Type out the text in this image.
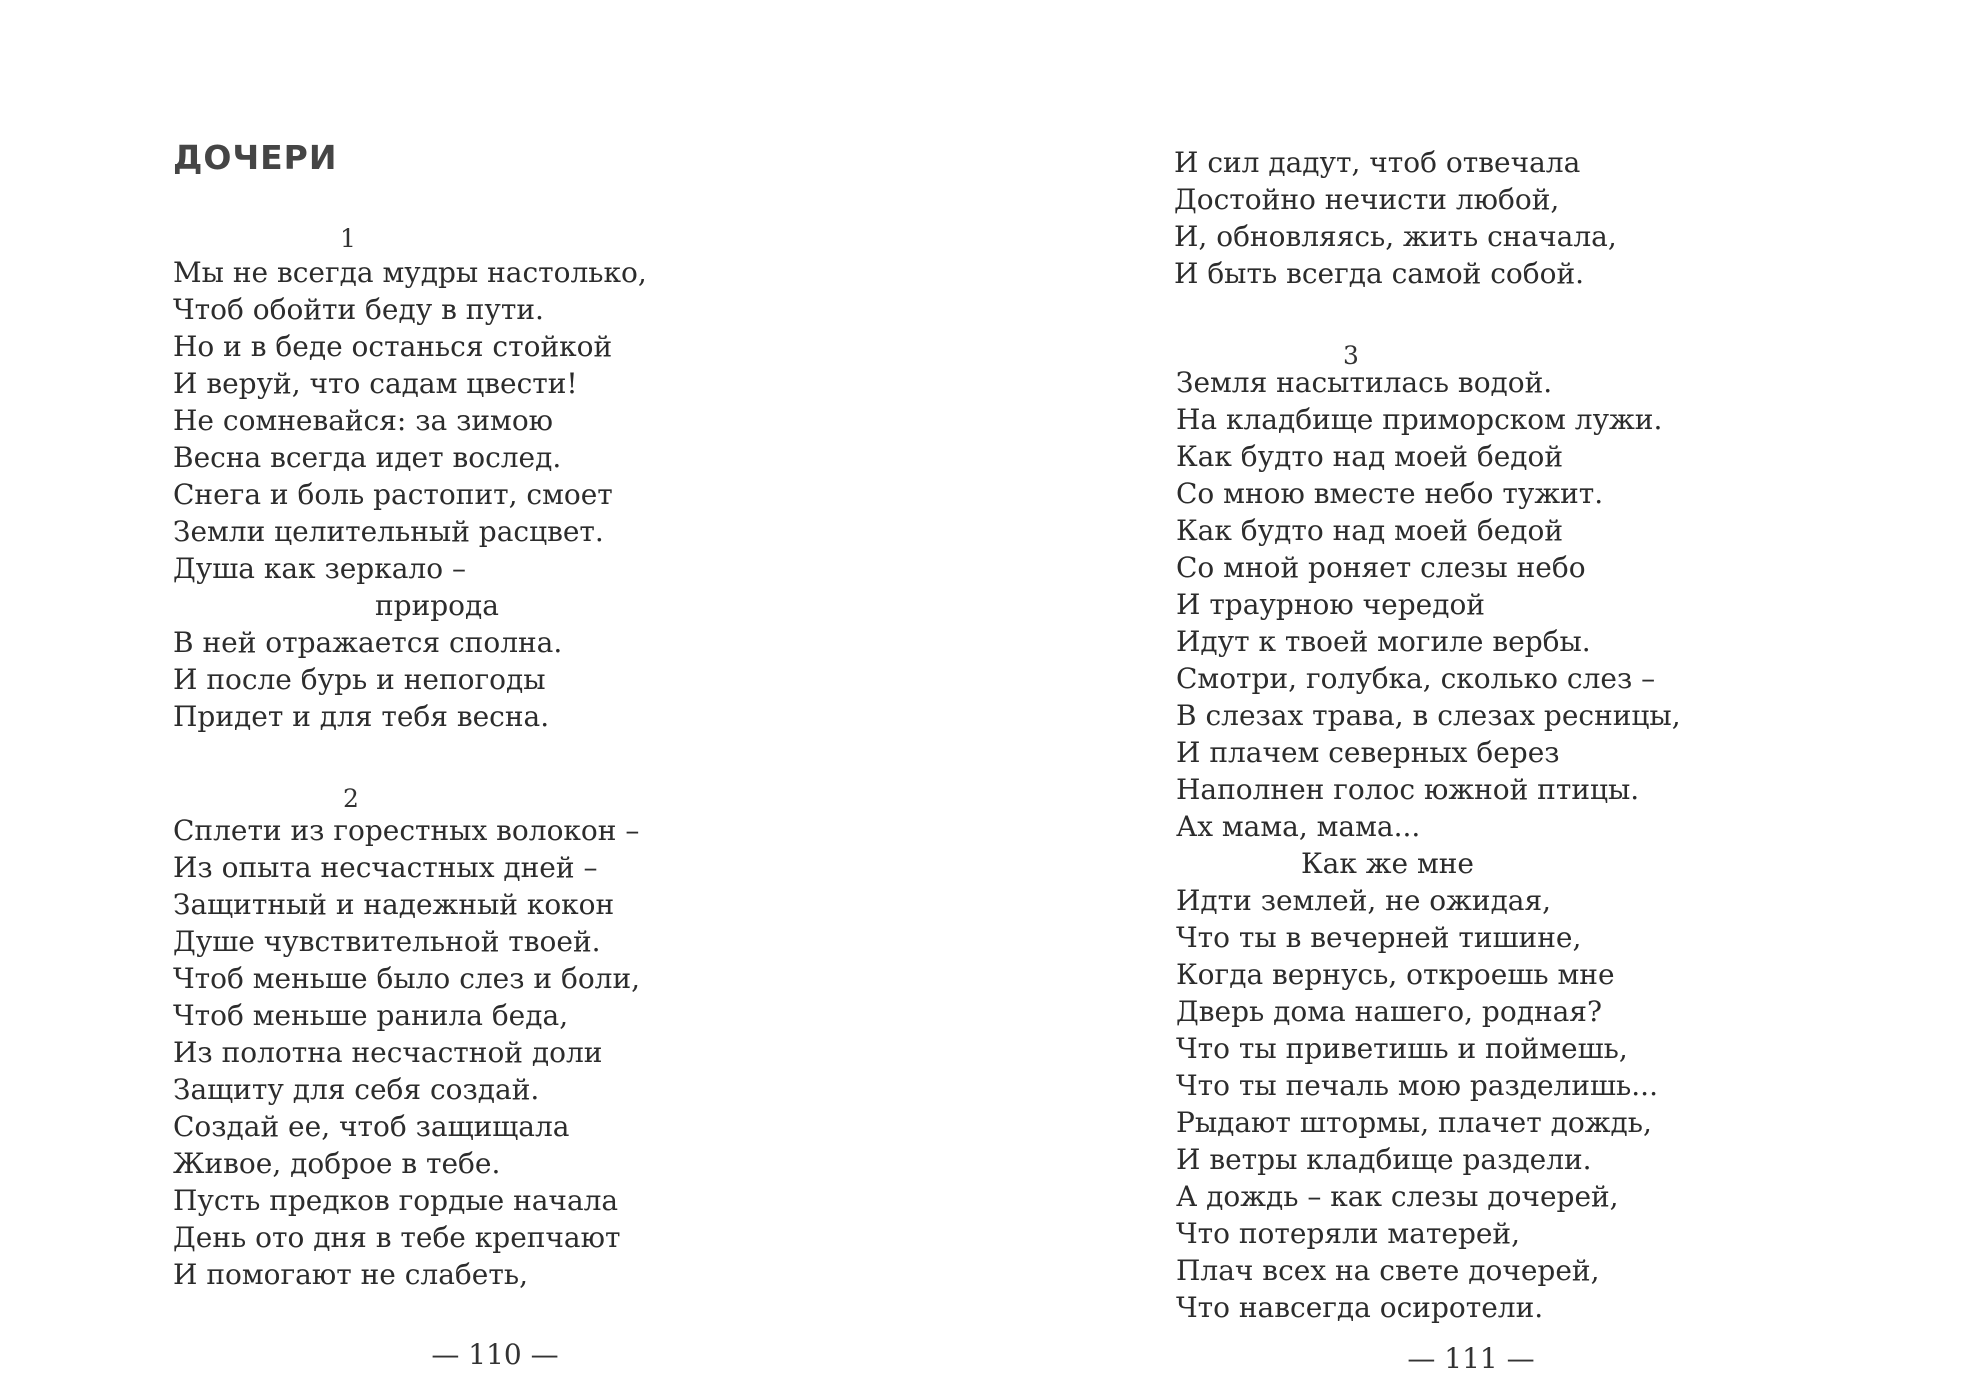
ДОЧЕРИ
1
Мы не всегда мудры настолько,
Чтоб обойти беду в пути.
Но и в беде останься стойкой
И веруй, что садам цвести!
Не сомневайся: за зимою
Весна всегда идет вослед.
Снега и боль растопит, смоет
Земли целительный расцвет.
Душа как зеркало –
природа
В ней отражается сполна.
И после бурь и непогоды
Придет и для тебя весна.
2
Сплети из горестных волокон –
Из опыта несчастных дней –
Защитный и надежный кокон
Душе чувствительной твоей.
Чтоб меньше было слез и боли,
Чтоб меньше ранила беда,
Из полотна несчастной доли
Защиту для себя создай.
Создай ее, чтоб защищала
Живое, доброе в тебе.
Пусть предков гордые начала
День ото дня в тебе крепчают
И помогают не слабеть,
— 110 —
И сил дадут, чтоб отвечала
Достойно нечисти любой,
И, обновляясь, жить сначала,
И быть всегда самой собой.
3
Земля насытилась водой.
На кладбище приморском лужи.
Как будто над моей бедой
Со мною вместе небо тужит.
Как будто над моей бедой
Со мной роняет слезы небо
И траурною чередой
Идут к твоей могиле вербы.
Смотри, голубка, сколько слез –
В слезах трава, в слезах ресницы,
И плачем северных берез
Наполнен голос южной птицы.
Ах мама, мама...
Как же мне
Идти землей, не ожидая,
Что ты в вечерней тишине,
Когда вернусь, откроешь мне
Дверь дома нашего, родная?
Что ты приветишь и поймешь,
Что ты печаль мою разделишь...
Рыдают штормы, плачет дождь,
И ветры кладбище раздели.
А дождь – как слезы дочерей,
Что потеряли матерей,
Плач всех на свете дочерей,
Что навсегда осиротели.
— 111 —
